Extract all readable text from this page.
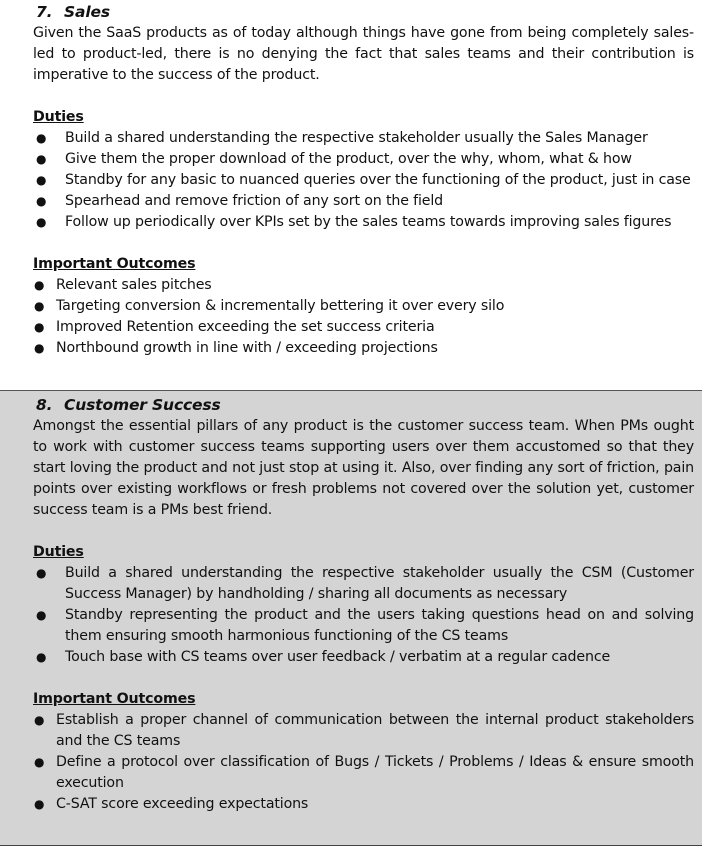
7. Sales

Given the SaaS products as of today although things have gone from being completely sales-led to product-led, there is no denying the fact that sales teams and their contribution is imperative to the success of the product.

Duties
● Build a shared understanding the respective stakeholder usually the Sales Manager
● Give them the proper download of the product, over the why, whom, what & how
● Standby for any basic to nuanced queries over the functioning of the product, just in case
● Spearhead and remove friction of any sort on the field
● Follow up periodically over KPIs set by the sales teams towards improving sales figures
Important Outcomes
● Relevant sales pitches
● Targeting conversion & incrementally bettering it over every silo
● Improved Retention exceeding the set success criteria
● Northbound growth in line with / exceeding projections
8. Customer Success

Amongst the essential pillars of any product is the customer success team. When PMs ought to work with customer success teams supporting users over them accustomed so that they start loving the product and not just stop at using it. Also, over finding any sort of friction, pain points over existing workflows or fresh problems not covered over the solution yet, customer success team is a PMs best friend.

Duties
● Build a shared understanding the respective stakeholder usually the CSM (Customer Success Manager) by handholding / sharing all documents as necessary
● Standby representing the product and the users taking questions head on and solving them ensuring smooth harmonious functioning of the CS teams
● Touch base with CS teams over user feedback / verbatim at a regular cadence
Important Outcomes
● Establish a proper channel of communication between the internal product stakeholders and the CS teams
● Define a protocol over classification of Bugs / Tickets / Problems / Ideas & ensure smooth execution
● C-SAT score exceeding expectations
